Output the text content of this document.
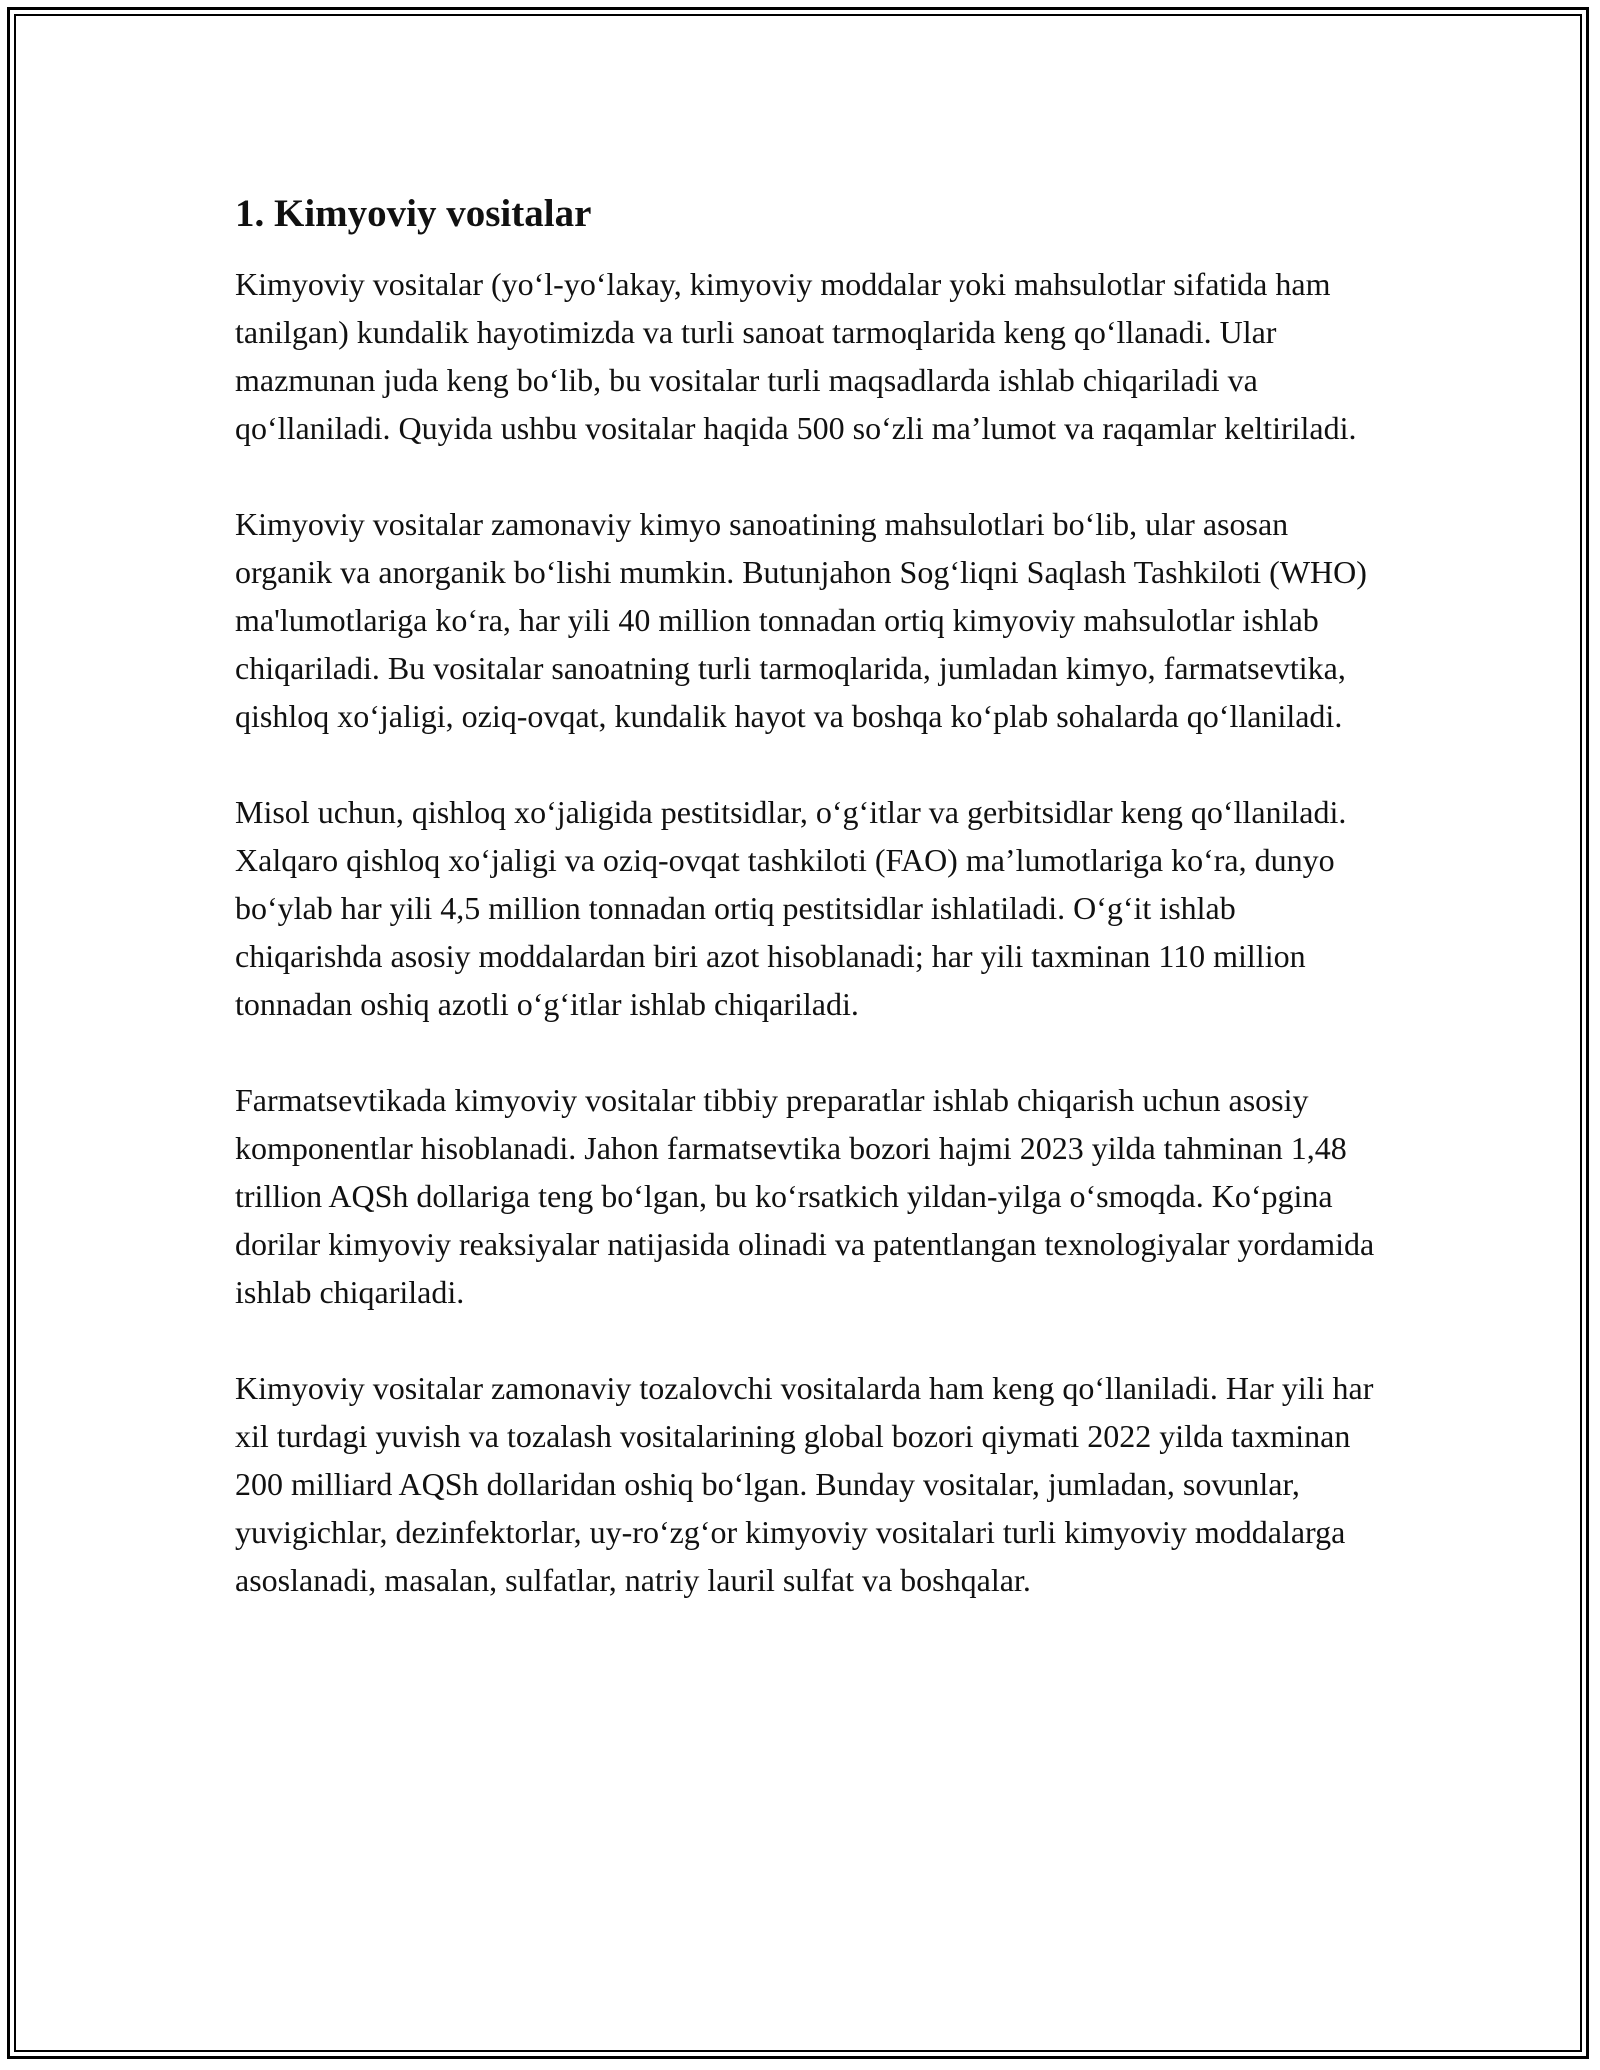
1. Kimyoviy vositalar

Kimyoviy vositalar (yo‘l-yo‘lakay, kimyoviy moddalar yoki mahsulotlar sifatida ham tanilgan) kundalik hayotimizda va turli sanoat tarmoqlarida keng qo‘llanadi. Ular mazmunan juda keng bo‘lib, bu vositalar turli maqsadlarda ishlab chiqariladi va qo‘llaniladi. Quyida ushbu vositalar haqida 500 so‘zli ma’lumot va raqamlar keltiriladi.

Kimyoviy vositalar zamonaviy kimyo sanoatining mahsulotlari bo‘lib, ular asosan organik va anorganik bo‘lishi mumkin. Butunjahon Sog‘liqni Saqlash Tashkiloti (WHO) ma'lumotlariga ko‘ra, har yili 40 million tonnadan ortiq kimyoviy mahsulotlar ishlab chiqariladi. Bu vositalar sanoatning turli tarmoqlarida, jumladan kimyo, farmatsevtika, qishloq xo‘jaligi, oziq-ovqat, kundalik hayot va boshqa ko‘plab sohalarda qo‘llaniladi.

Misol uchun, qishloq xo‘jaligida pestitsidlar, o‘g‘itlar va gerbitsidlar keng qo‘llaniladi. Xalqaro qishloq xo‘jaligi va oziq-ovqat tashkiloti (FAO) ma’lumotlariga ko‘ra, dunyo bo‘ylab har yili 4,5 million tonnadan ortiq pestitsidlar ishlatiladi. O‘g‘it ishlab chiqarishda asosiy moddalardan biri azot hisoblanadi; har yili taxminan 110 million tonnadan oshiq azotli o‘g‘itlar ishlab chiqariladi.

Farmatsevtikada kimyoviy vositalar tibbiy preparatlar ishlab chiqarish uchun asosiy komponentlar hisoblanadi. Jahon farmatsevtika bozori hajmi 2023 yilda tahminan 1,48 trillion AQSh dollariga teng bo‘lgan, bu ko‘rsatkich yildan-yilga o‘smoqda. Ko‘pgina dorilar kimyoviy reaksiyalar natijasida olinadi va patentlangan texnologiyalar yordamida ishlab chiqariladi.

Kimyoviy vositalar zamonaviy tozalovchi vositalarda ham keng qo‘llaniladi. Har yili har xil turdagi yuvish va tozalash vositalarining global bozori qiymati 2022 yilda taxminan 200 milliard AQSh dollaridan oshiq bo‘lgan. Bunday vositalar, jumladan, sovunlar, yuvigichlar, dezinfektorlar, uy-ro‘zg‘or kimyoviy vositalari turli kimyoviy moddalarga asoslanadi, masalan, sulfatlar, natriy lauril sulfat va boshqalar.
